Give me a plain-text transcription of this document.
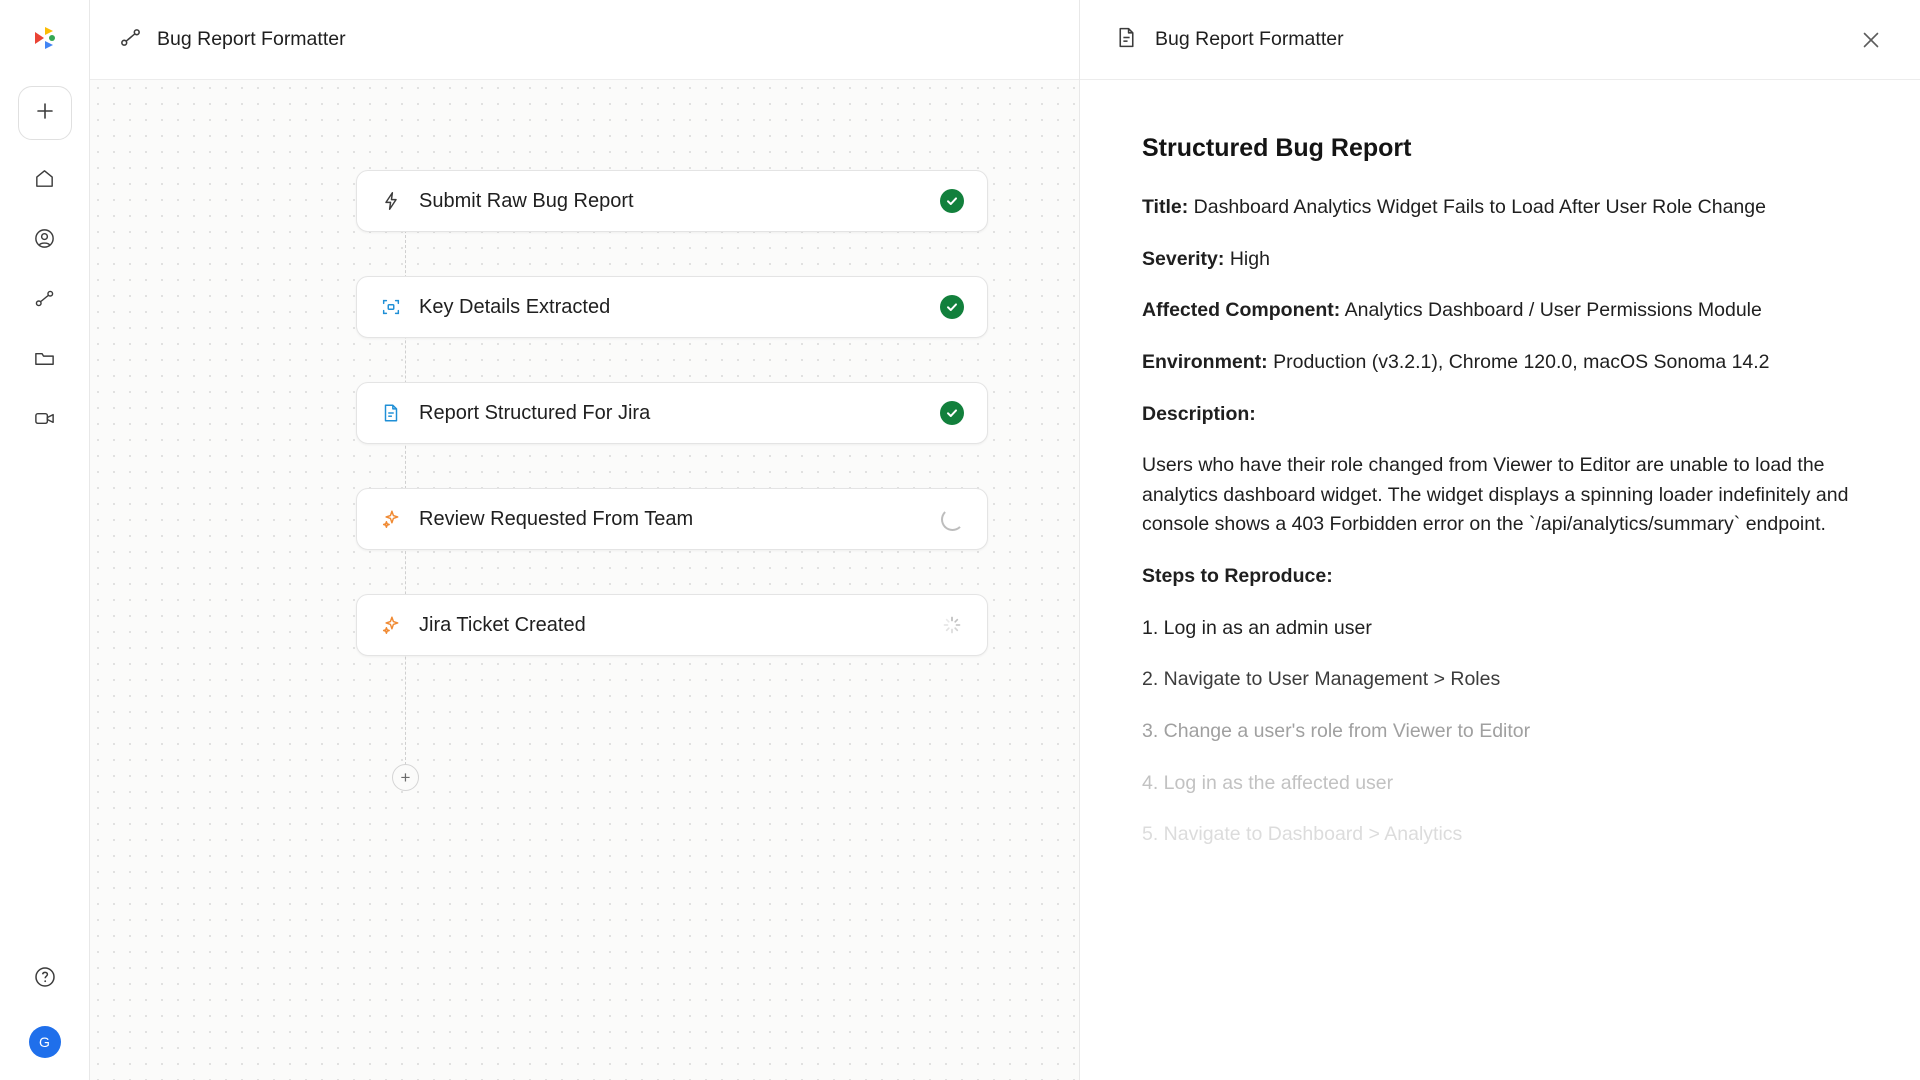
G
Bug Report Formatter
Submit Raw Bug Report
Key Details Extracted
Report Structured For Jira
Review Requested From Team
Jira Ticket Created
+
Bug Report Formatter
Structured Bug Report

Title: Dashboard Analytics Widget Fails to Load After User Role Change

Severity: High

Affected Component: Analytics Dashboard / User Permissions Module

Environment: Production (v3.2.1), Chrome 120.0, macOS Sonoma 14.2

Description:

Users who have their role changed from Viewer to Editor are unable to load the analytics dashboard widget. The widget displays a spinning loader indefinitely and console shows a 403 Forbidden error on the `/api/analytics/summary` endpoint.

Steps to Reproduce:

1. Log in as an admin user

2. Navigate to User Management > Roles

3. Change a user's role from Viewer to Editor

4. Log in as the affected user

5. Navigate to Dashboard > Analytics
